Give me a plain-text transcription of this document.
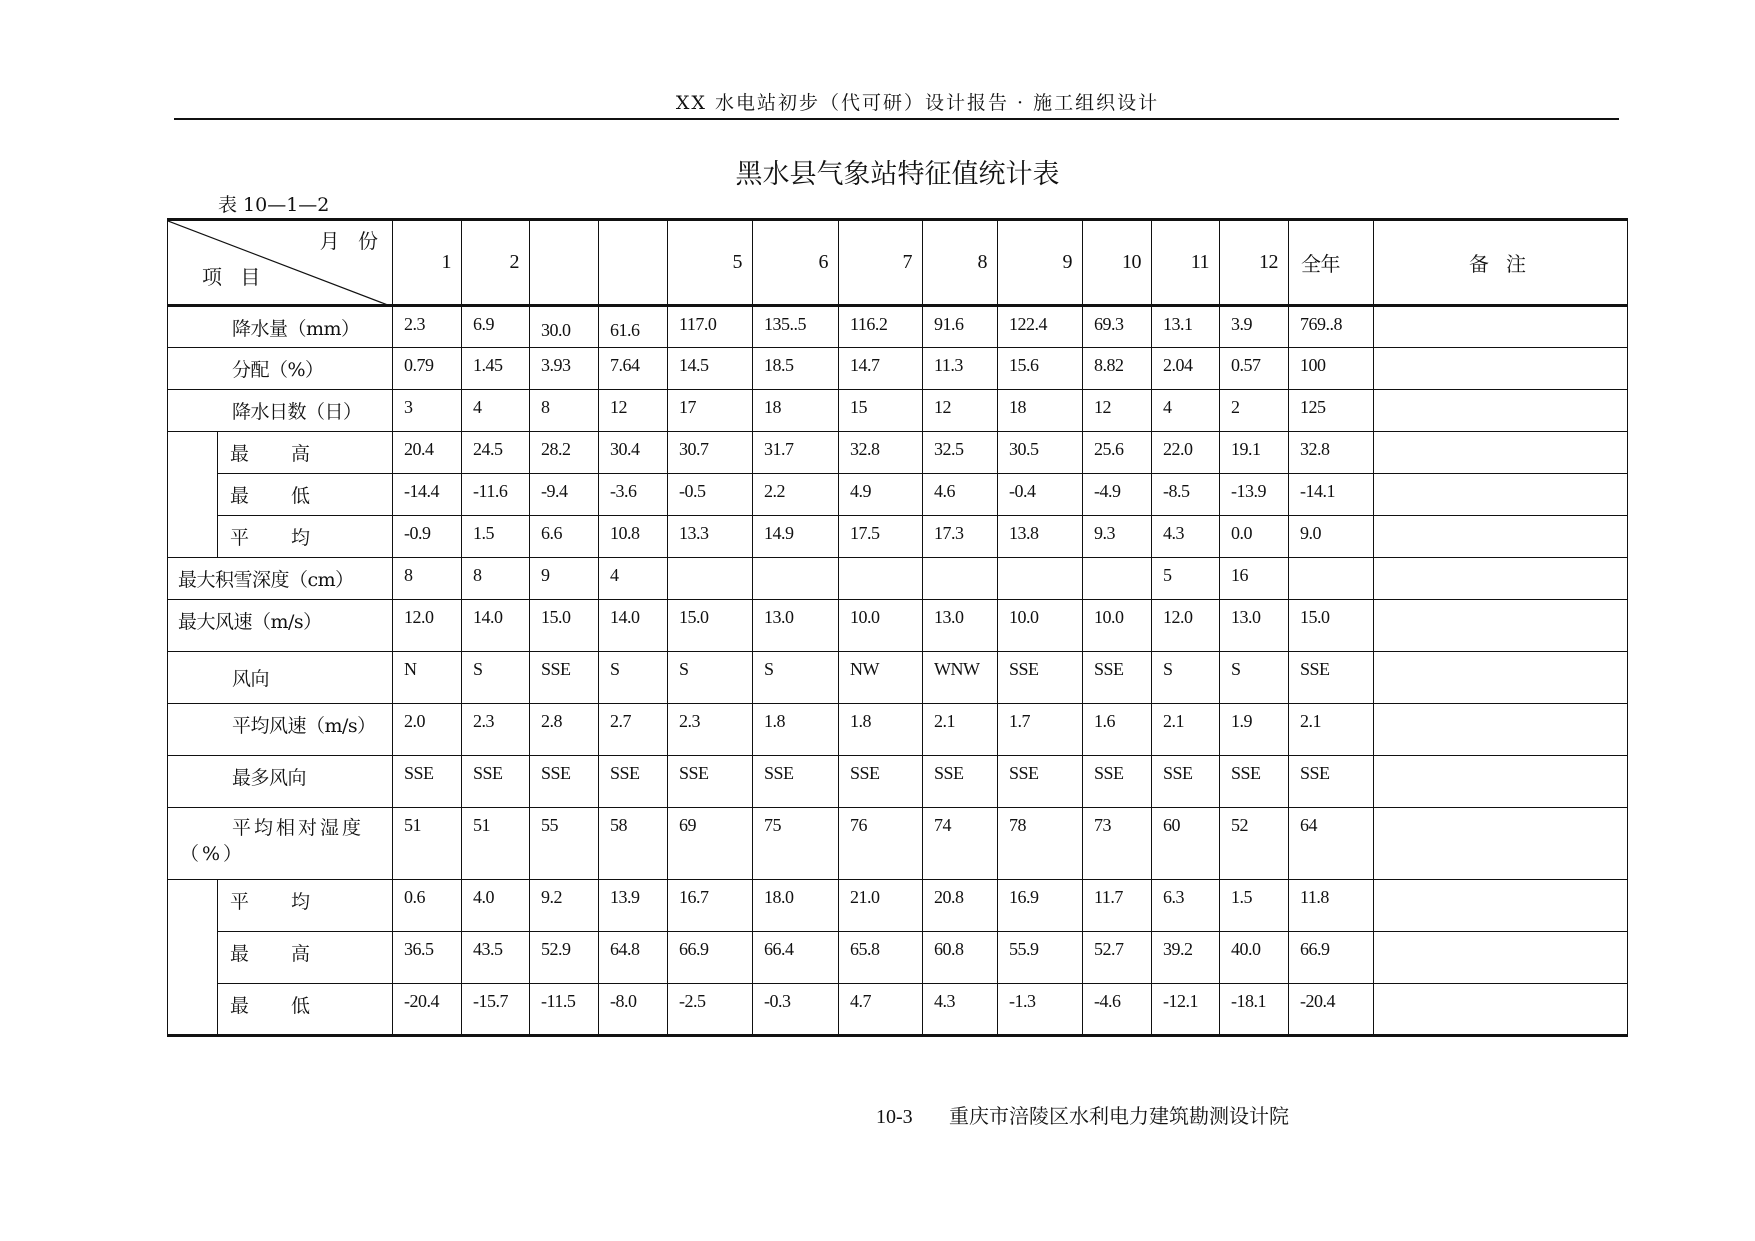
XX 水电站初步（代可研）设计报告 · 施工组织设计
黑水县气象站特征值统计表
表 10—1—2
月 份
项 目		1	2			5	6	7	8	9	10	11	12	全年	备 注
降水量（mm）		2.3	6.9	30.0	61.6	117.0	135..5	116.2	91.6	122.4	69.3	13.1	3.9	769..8	
分配（%）		0.79	1.45	3.93	7.64	14.5	18.5	14.7	11.3	15.6	8.82	2.04	0.57	100	
降水日数（日）		3	4	8	12	17	18	15	12	18	12	4	2	125	
	最 高	20.4	24.5	28.2	30.4	30.7	31.7	32.8	32.5	30.5	25.6	22.0	19.1	32.8	
	最 低	-14.4	-11.6	-9.4	-3.6	-0.5	2.2	4.9	4.6	-0.4	-4.9	-8.5	-13.9	-14.1	
	平 均	-0.9	1.5	6.6	10.8	13.3	14.9	17.5	17.3	13.8	9.3	4.3	0.0	9.0	
最大积雪深度（cm）		8	8	9	4							5	16		
最大风速（m/s）		12.0	14.0	15.0	14.0	15.0	13.0	10.0	13.0	10.0	10.0	12.0	13.0	15.0	
风向		N	S	SSE	S	S	S	NW	WNW	SSE	SSE	S	S	SSE	
平均风速（m/s）		2.0	2.3	2.8	2.7	2.3	1.8	1.8	2.1	1.7	1.6	2.1	1.9	2.1	
最多风向		SSE	SSE	SSE	SSE	SSE	SSE	SSE	SSE	SSE	SSE	SSE	SSE	SSE	
平均相对湿度（%）		51	51	55	58	69	75	76	74	78	73	60	52	64	
	平 均	0.6	4.0	9.2	13.9	16.7	18.0	21.0	20.8	16.9	11.7	6.3	1.5	11.8	
	最 高	36.5	43.5	52.9	64.8	66.9	66.4	65.8	60.8	55.9	52.7	39.2	40.0	66.9	
	最 低	-20.4	-15.7	-11.5	-8.0	-2.5	-0.3	4.7	4.3	-1.3	-4.6	-12.1	-18.1	-20.4	
10-3 重庆市涪陵区水利电力建筑勘测设计院
